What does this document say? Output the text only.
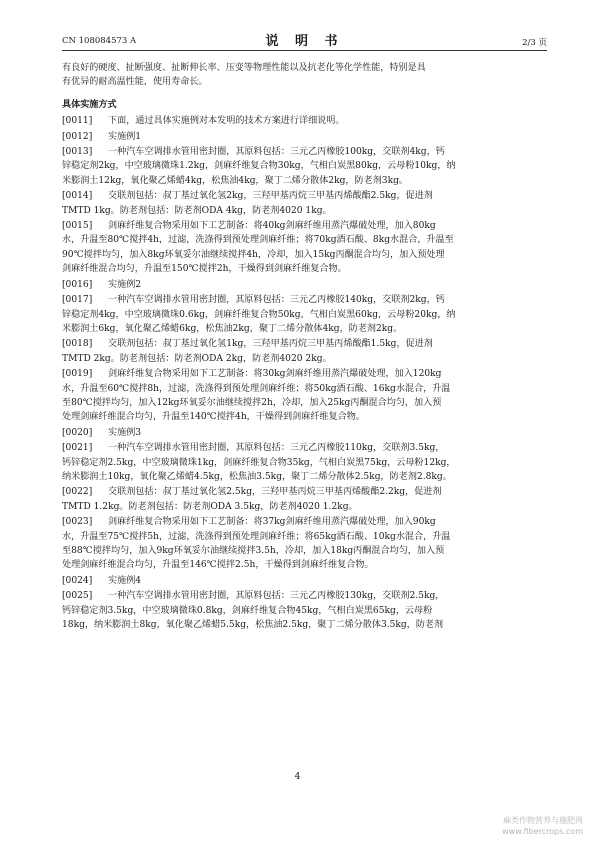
CN 108084573 A	说 明 书	2/3 页
有良好的硬度、扯断强度、扯断伸长率、压变等物理性能以及抗老化等化学性能，特别是具
有优异的耐高温性能，使用寿命长。
具体实施方式
[0011]	下面，通过具体实施例对本发明的技术方案进行详细说明。
[0012]	实施例1
[0013]	一种汽车空调排水管用密封圈，其原料包括：三元乙丙橡胶100kg，交联剂4kg，钙
锌稳定剂2kg，中空玻璃微珠1.2kg，剑麻纤维复合物30kg，气相白炭黑80kg，云母粉10kg，纳
米膨润土12kg，氧化聚乙烯蜡4kg，松焦油4kg，聚丁二烯分散体2kg，防老剂3kg。
[0014]	交联剂包括：叔丁基过氧化氢2kg，三羟甲基丙烷三甲基丙烯酸酯2.5kg，促进剂
TMTD 1kg。防老剂包括：防老剂ODA 4kg，防老剂4020 1kg。
[0015]	剑麻纤维复合物采用如下工艺制备：将40kg剑麻纤维用蒸汽爆破处理，加入80kg
水，升温至80℃搅拌4h，过滤，洗涤得到预处理剑麻纤维；将70kg酒石酸、8kg水混合，升温至
90℃搅拌均匀，加入8kg环氧妥尔油继续搅拌4h，冷却，加入15kg丙酮混合均匀，加入预处理
剑麻纤维混合均匀，升温至150℃搅拌2h，干燥得到剑麻纤维复合物。
[0016]	实施例2
[0017]	一种汽车空调排水管用密封圈，其原料包括：三元乙丙橡胶140kg，交联剂2kg，钙
锌稳定剂4kg，中空玻璃微珠0.6kg，剑麻纤维复合物50kg，气相白炭黑60kg，云母粉20kg，纳
米膨润土6kg，氧化聚乙烯蜡6kg，松焦油2kg，聚丁二烯分散体4kg，防老剂2kg。
[0018]	交联剂包括：叔丁基过氧化氢1kg，三羟甲基丙烷三甲基丙烯酸酯1.5kg，促进剂
TMTD 2kg。防老剂包括：防老剂ODA 2kg，防老剂4020 2kg。
[0019]	剑麻纤维复合物采用如下工艺制备：将30kg剑麻纤维用蒸汽爆破处理，加入120kg
水，升温至60℃搅拌8h，过滤，洗涤得到预处理剑麻纤维；将50kg酒石酸、16kg水混合，升温
至80℃搅拌均匀，加入12kg环氧妥尔油继续搅拌2h，冷却，加入25kg丙酮混合均匀，加入预
处理剑麻纤维混合均匀，升温至140℃搅拌4h，干燥得到剑麻纤维复合物。
[0020]	实施例3
[0021]	一种汽车空调排水管用密封圈，其原料包括：三元乙丙橡胶110kg，交联剂3.5kg，
钙锌稳定剂2.5kg，中空玻璃微珠1kg，剑麻纤维复合物35kg，气相白炭黑75kg，云母粉12kg，
纳米膨润土10kg，氧化聚乙烯蜡4.5kg，松焦油3.5kg，聚丁二烯分散体2.5kg，防老剂2.8kg。
[0022]	交联剂包括：叔丁基过氧化氢2.5kg，三羟甲基丙烷三甲基丙烯酸酯2.2kg，促进剂
TMTD 1.2kg。防老剂包括：防老剂ODA 3.5kg，防老剂4020 1.2kg。
[0023]	剑麻纤维复合物采用如下工艺制备：将37kg剑麻纤维用蒸汽爆破处理，加入90kg
水，升温至75℃搅拌5h，过滤，洗涤得到预处理剑麻纤维；将65kg酒石酸、10kg水混合，升温
至88℃搅拌均匀，加入9kg环氧妥尔油继续搅拌3.5h，冷却，加入18kg丙酮混合均匀，加入预
处理剑麻纤维混合均匀，升温至146℃搅拌2.5h，干燥得到剑麻纤维复合物。
[0024]	实施例4
[0025]	一种汽车空调排水管用密封圈，其原料包括：三元乙丙橡胶130kg，交联剂2.5kg，
钙锌稳定剂3.5kg，中空玻璃微珠0.8kg，剑麻纤维复合物45kg，气相白炭黑65kg，云母粉
18kg，纳米膨润土8kg，氧化聚乙烯蜡5.5kg，松焦油2.5kg，聚丁二烯分散体3.5kg，防老剂
4
麻类作物营养与施肥网
www.fibercrops.com
